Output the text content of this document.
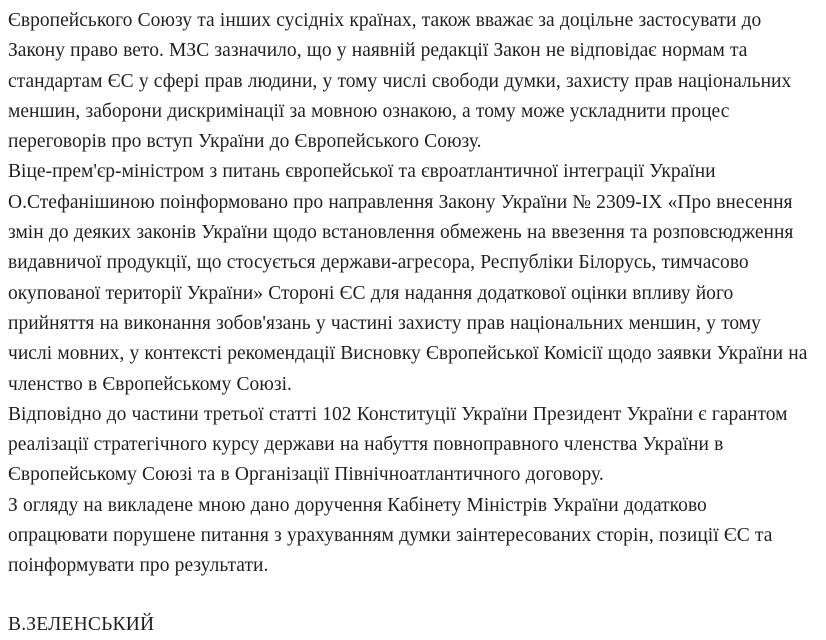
Європейського Союзу та інших сусідніх країнах, також вважає за доцільне застосувати до Закону право вето. МЗС зазначило, що у наявній редакції Закон не відповідає нормам та стандартам ЄС у сфері прав людини, у тому числі свободи думки, захисту прав національних меншин, заборони дискримінації за мовною ознакою, а тому може ускладнити процес переговорів про вступ України до Європейського Союзу.

Віце-прем'єр-міністром з питань європейської та євроатлантичної інтеграції України О.Стефанішиною поінформовано про направлення Закону України № 2309-IX «Про внесення змін до деяких законів України щодо встановлення обмежень на ввезення та розповсюдження видавничої продукції, що стосується держави-агресора, Республіки Білорусь, тимчасово окупованої території України» Стороні ЄС для надання додаткової оцінки впливу його прийняття на виконання зобов'язань у частині захисту прав національних меншин, у тому числі мовних, у контексті рекомендації Висновку Європейської Комісії щодо заявки України на членство в Європейському Союзі.

Відповідно до частини третьої статті 102 Конституції України Президент України є гарантом реалізації стратегічного курсу держави на набуття повноправного членства України в Європейському Союзі та в Організації Північноатлантичного договору.

З огляду на викладене мною дано доручення Кабінету Міністрів України додатково опрацювати порушене питання з урахуванням думки заінтересованих сторін, позиції ЄС та поінформувати про результати.

В.ЗЕЛЕНСЬКИЙ
